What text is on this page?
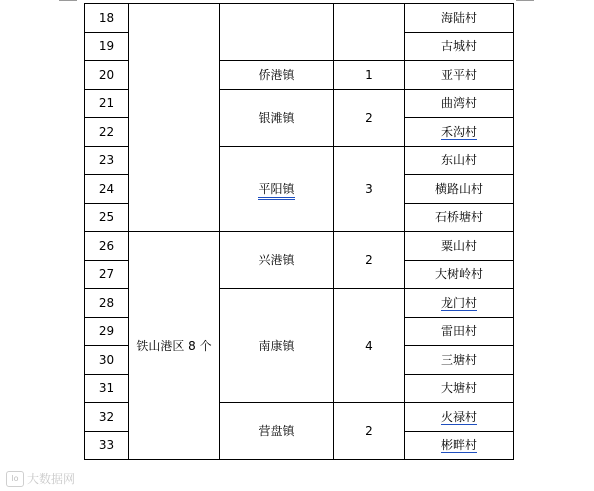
18				海陆村
19				古城村
20		侨港镇	1	亚平村
21		银滩镇	2	曲湾村
22				禾沟村
23		平阳镇	3	东山村
24				横路山村
25				石桥塘村
26	铁山港区 8 个	兴港镇	2	粟山村
27				大树岭村
28		南康镇	4	龙门村
29				雷田村
30				三塘村
31				大塘村
32		营盘镇	2	火禄村
33				彬畔村
lo 大数据网
